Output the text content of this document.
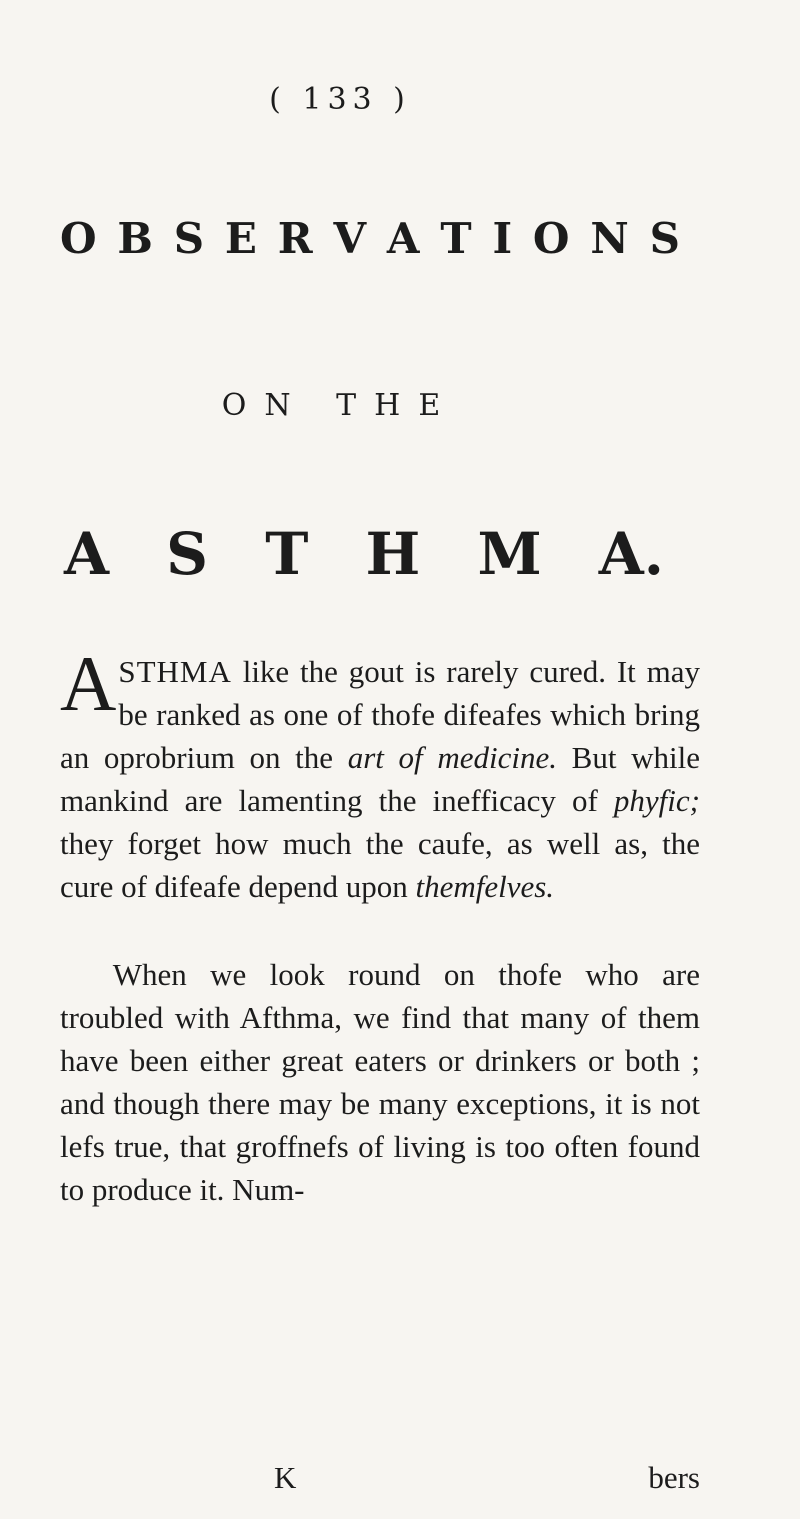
( 133 )
O B S E R V A T I O N S
ON THE
A S T H M A.

ASTHMA like the gout is rarely cured. It may be ranked as one of thofe difeafes which bring an oprobrium on the art of medicine. But while mankind are lamenting the inefficacy of phyfic; they forget how much the caufe, as well as, the cure of difeafe depend upon themfelves.

When we look round on thofe who are troubled with Afthma, we find that many of them have been either great eaters or drinkers or both ; and though there may be many exceptions, it is not lefs true, that groffnefs of living is too often found to produce it. Num-

K	bers
